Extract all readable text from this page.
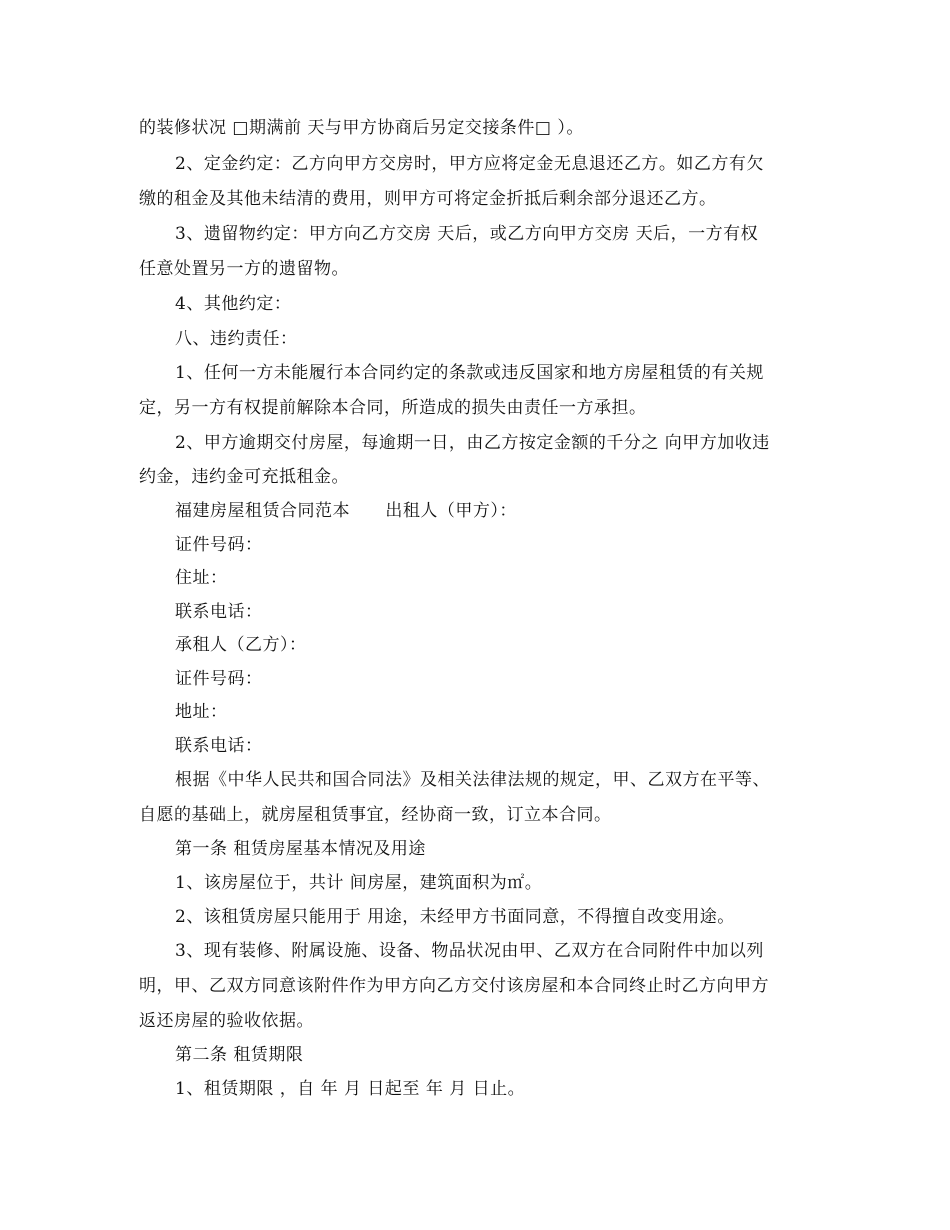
的装修状况 □期满前 天与甲方协商后另定交接条件□ ）。
2、定金约定：乙方向甲方交房时，甲方应将定金无息退还乙方。如乙方有欠
缴的租金及其他未结清的费用，则甲方可将定金折抵后剩余部分退还乙方。
3、遗留物约定：甲方向乙方交房 天后，或乙方向甲方交房 天后，一方有权
任意处置另一方的遗留物。
4、其他约定：
八、违约责任：
1、任何一方未能履行本合同约定的条款或违反国家和地方房屋租赁的有关规
定，另一方有权提前解除本合同，所造成的损失由责任一方承担。
2、甲方逾期交付房屋，每逾期一日，由乙方按定金额的千分之 向甲方加收违
约金，违约金可充抵租金。
福建房屋租赁合同范本      出租人（甲方）：
证件号码：
住址：
联系电话：
承租人（乙方）：
证件号码：
地址：
联系电话：
根据《中华人民共和国合同法》及相关法律法规的规定，甲、乙双方在平等、
自愿的基础上，就房屋租赁事宜，经协商一致，订立本合同。
第一条 租赁房屋基本情况及用途
1、该房屋位于，共计 间房屋，建筑面积为㎡。
2、该租赁房屋只能用于 用途，未经甲方书面同意，不得擅自改变用途。
3、现有装修、附属设施、设备、物品状况由甲、乙双方在合同附件中加以列
明，甲、乙双方同意该附件作为甲方向乙方交付该房屋和本合同终止时乙方向甲方
返还房屋的验收依据。
第二条 租赁期限
1、租赁期限 ，自 年 月 日起至 年 月 日止。
